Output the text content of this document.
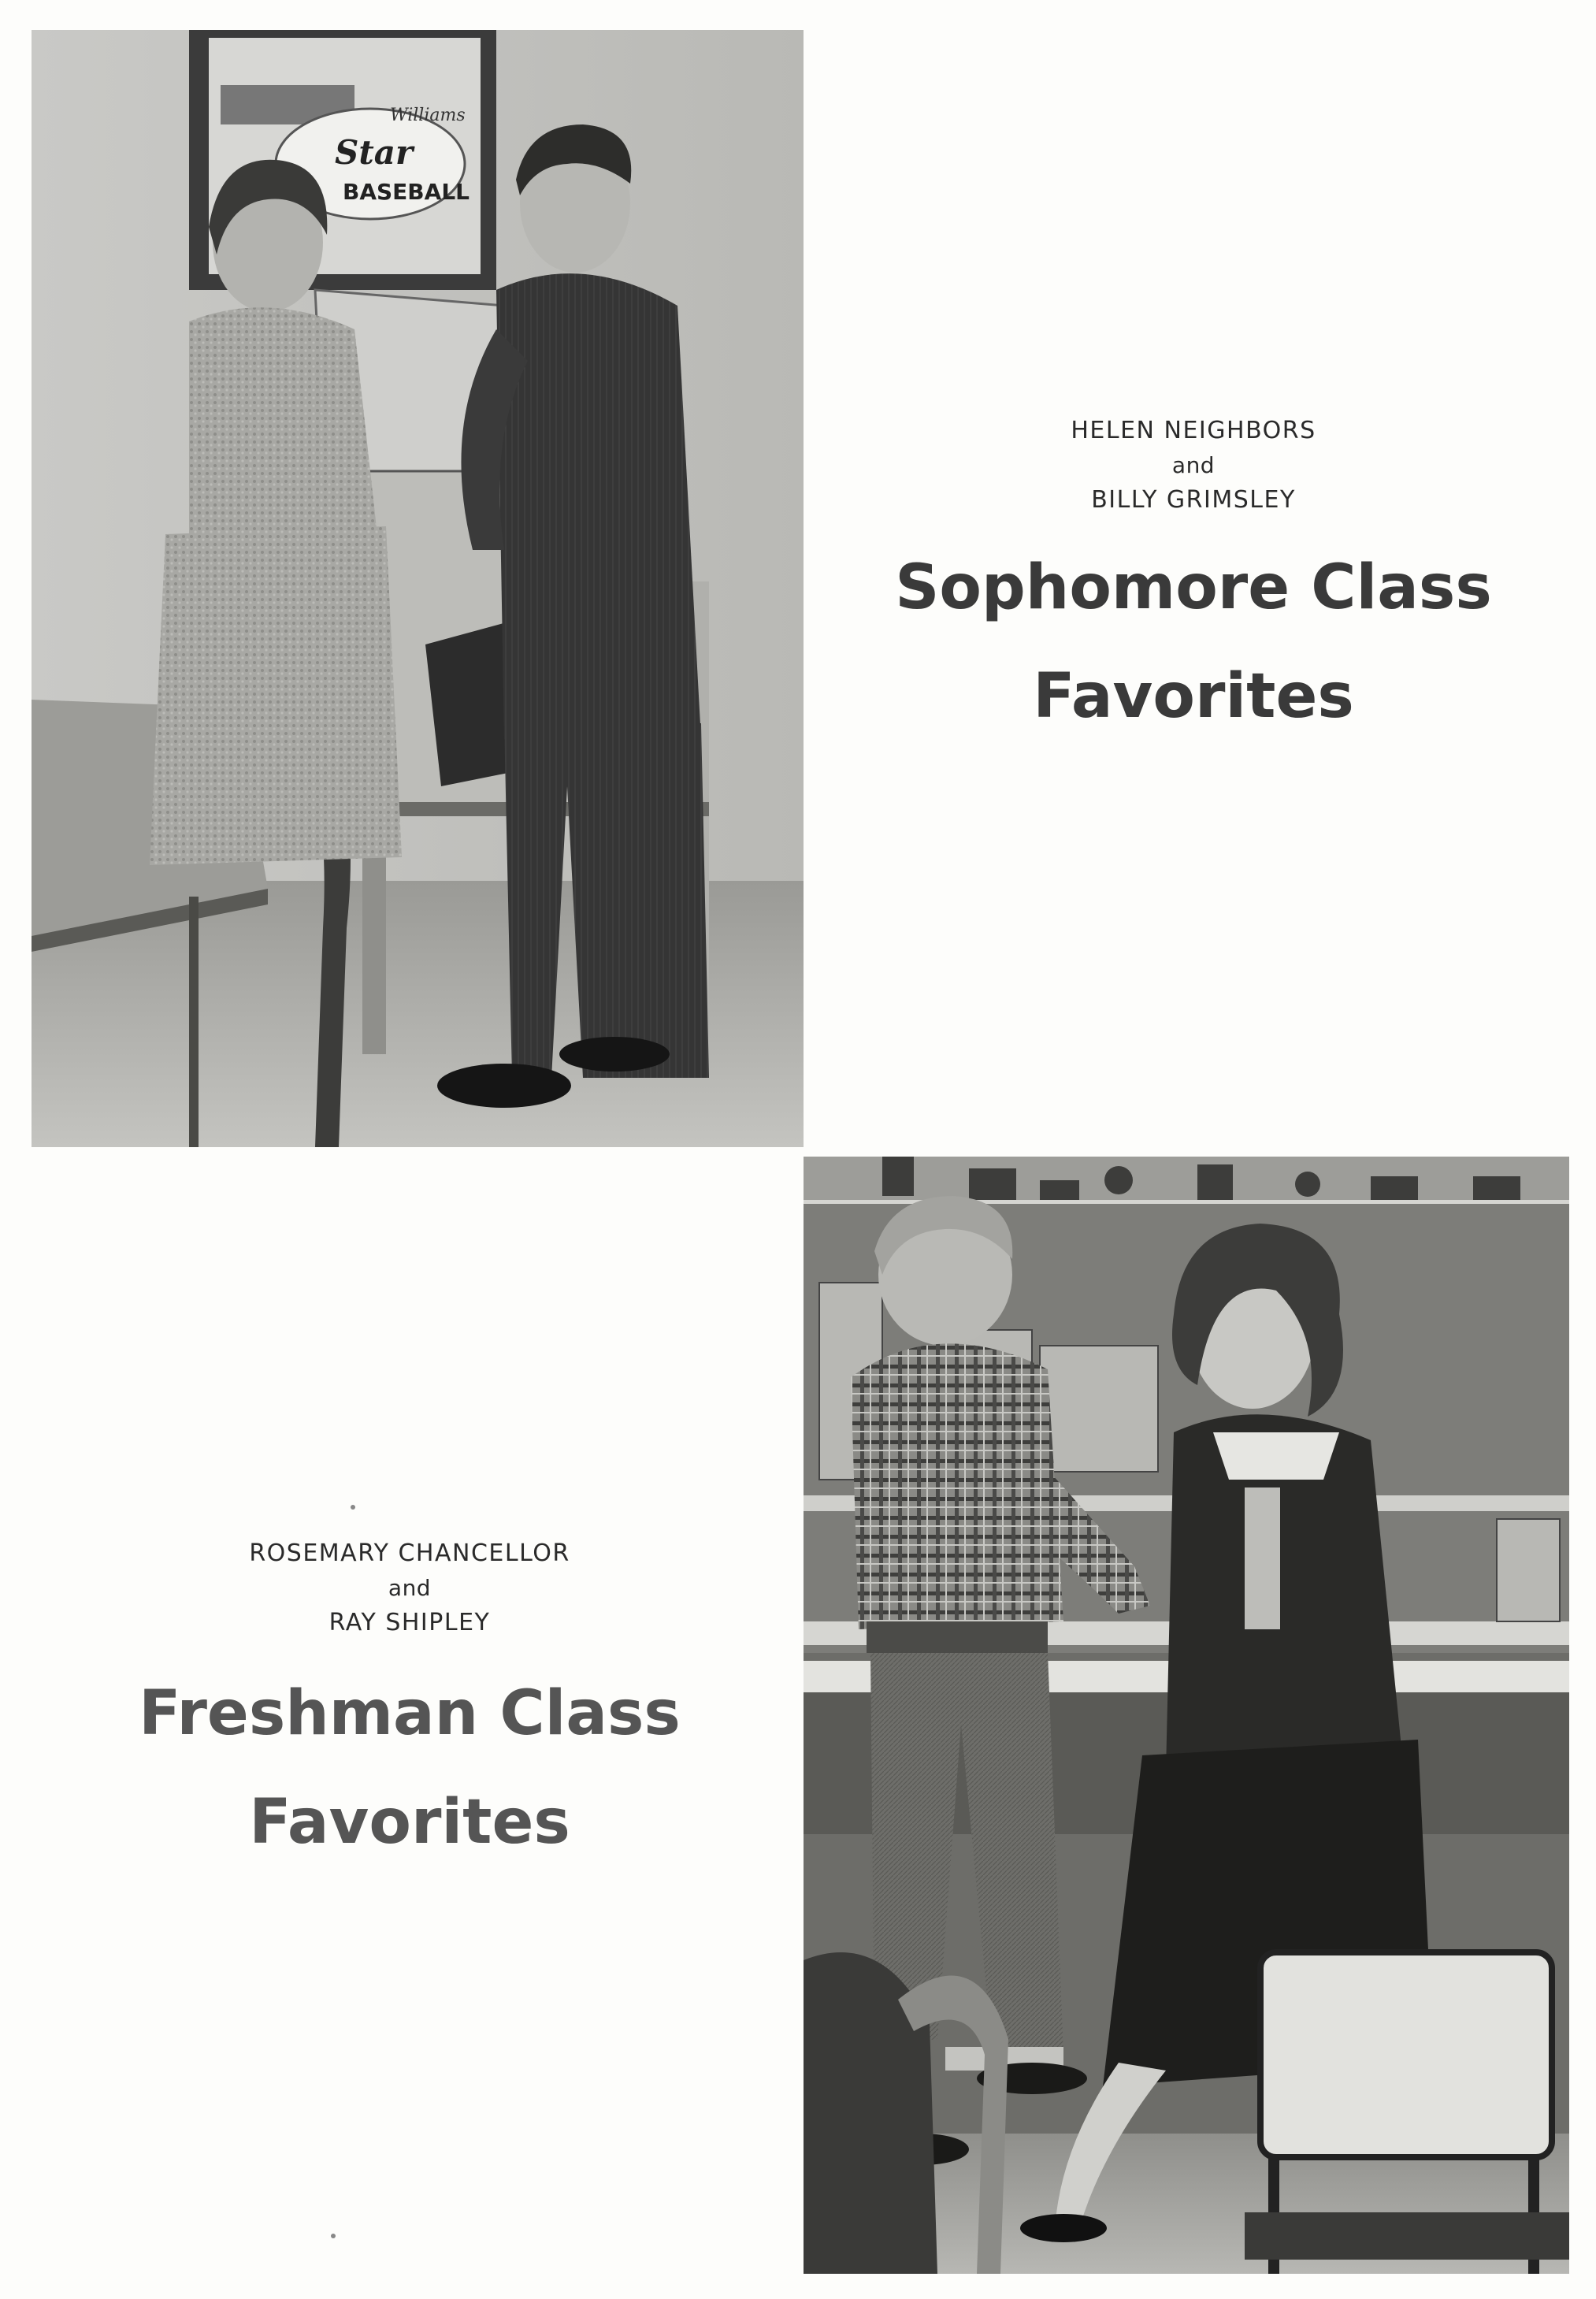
Williams
Star
BASEBALL
HELEN NEIGHBORS
and
BILLY GRIMSLEY
Sophomore Class
Favorites
ROSEMARY CHANCELLOR
and
RAY SHIPLEY
Freshman Class
Favorites
